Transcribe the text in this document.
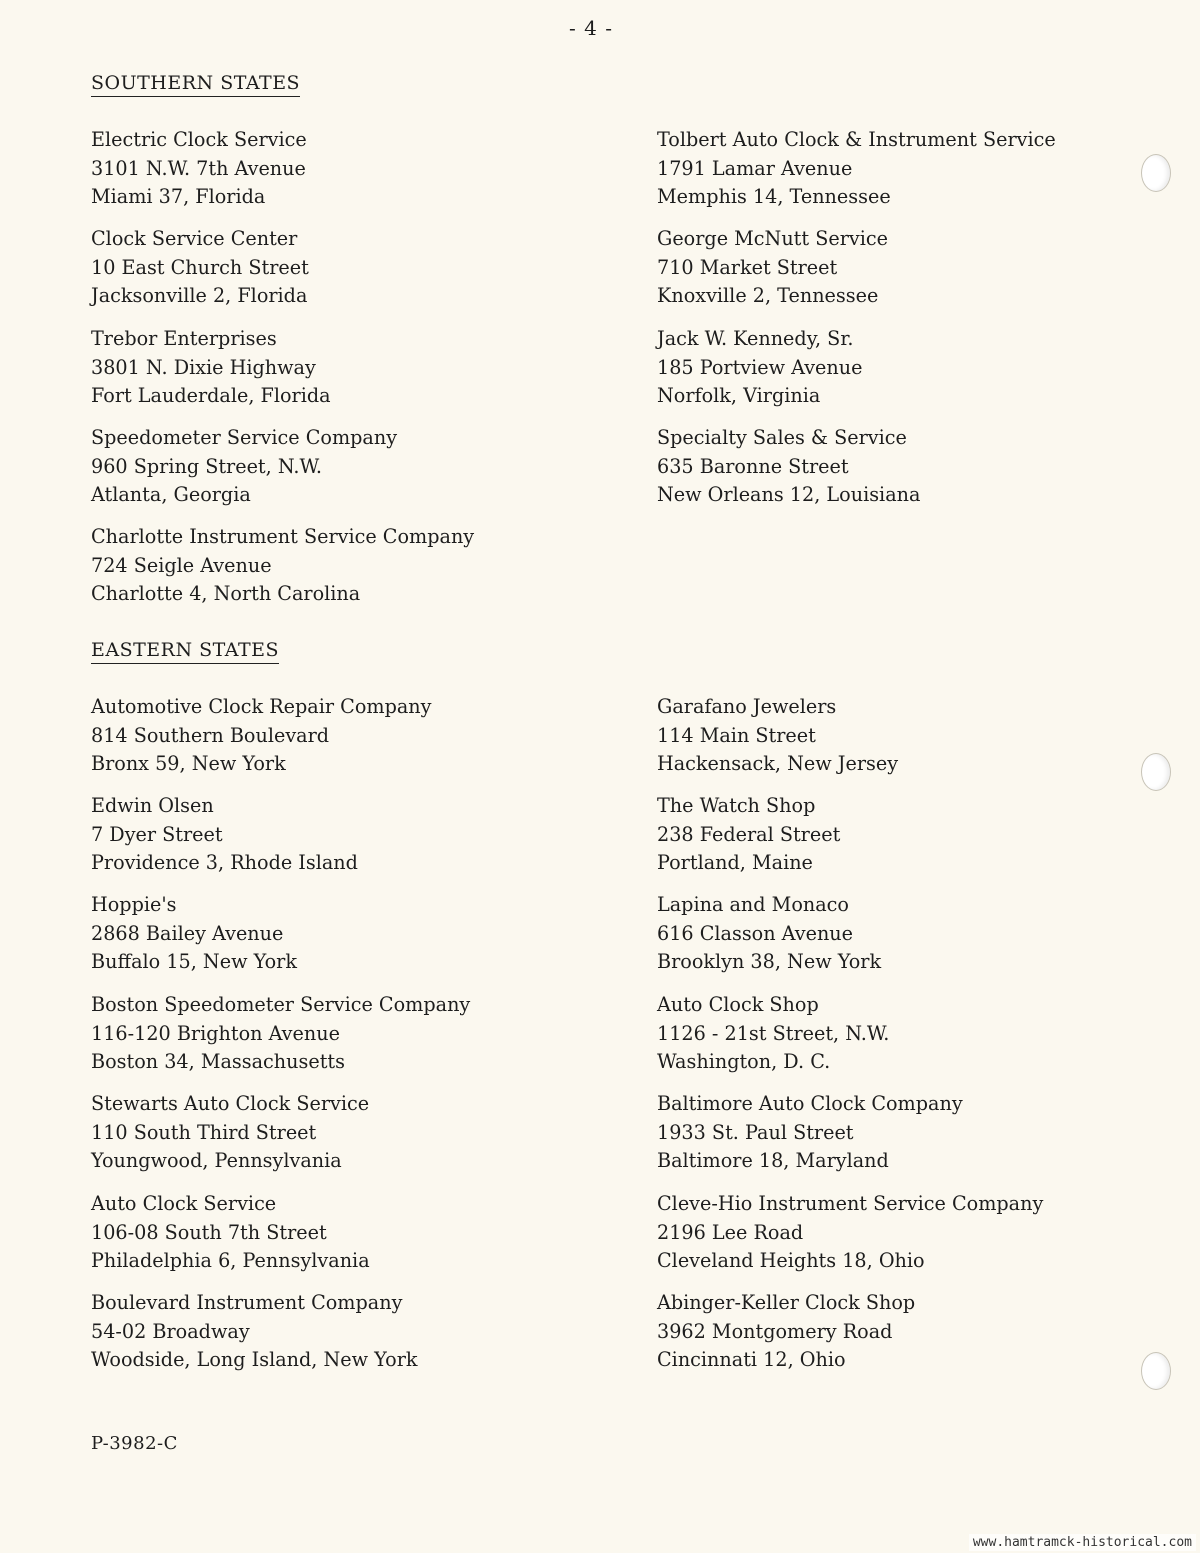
- 4 -
SOUTHERN STATES
Electric Clock Service
3101 N.W. 7th Avenue
Miami 37, Florida
Clock Service Center
10 East Church Street
Jacksonville 2, Florida
Trebor Enterprises
3801 N. Dixie Highway
Fort Lauderdale, Florida
Speedometer Service Company
960 Spring Street, N.W.
Atlanta, Georgia
Charlotte Instrument Service Company
724 Seigle Avenue
Charlotte 4, North Carolina
Tolbert Auto Clock & Instrument Service
1791 Lamar Avenue
Memphis 14, Tennessee
George McNutt Service
710 Market Street
Knoxville 2, Tennessee
Jack W. Kennedy, Sr.
185 Portview Avenue
Norfolk, Virginia
Specialty Sales & Service
635 Baronne Street
New Orleans 12, Louisiana
EASTERN STATES
Automotive Clock Repair Company
814 Southern Boulevard
Bronx 59, New York
Edwin Olsen
7 Dyer Street
Providence 3, Rhode Island
Hoppie's
2868 Bailey Avenue
Buffalo 15, New York
Boston Speedometer Service Company
116-120 Brighton Avenue
Boston 34, Massachusetts
Stewarts Auto Clock Service
110 South Third Street
Youngwood, Pennsylvania
Auto Clock Service
106-08 South 7th Street
Philadelphia 6, Pennsylvania
Boulevard Instrument Company
54-02 Broadway
Woodside, Long Island, New York
Garafano Jewelers
114 Main Street
Hackensack, New Jersey
The Watch Shop
238 Federal Street
Portland, Maine
Lapina and Monaco
616 Classon Avenue
Brooklyn 38, New York
Auto Clock Shop
1126 - 21st Street, N.W.
Washington, D. C.
Baltimore Auto Clock Company
1933 St. Paul Street
Baltimore 18, Maryland
Cleve-Hio Instrument Service Company
2196 Lee Road
Cleveland Heights 18, Ohio
Abinger-Keller Clock Shop
3962 Montgomery Road
Cincinnati 12, Ohio
P-3982-C
www.hamtramck-historical.com
